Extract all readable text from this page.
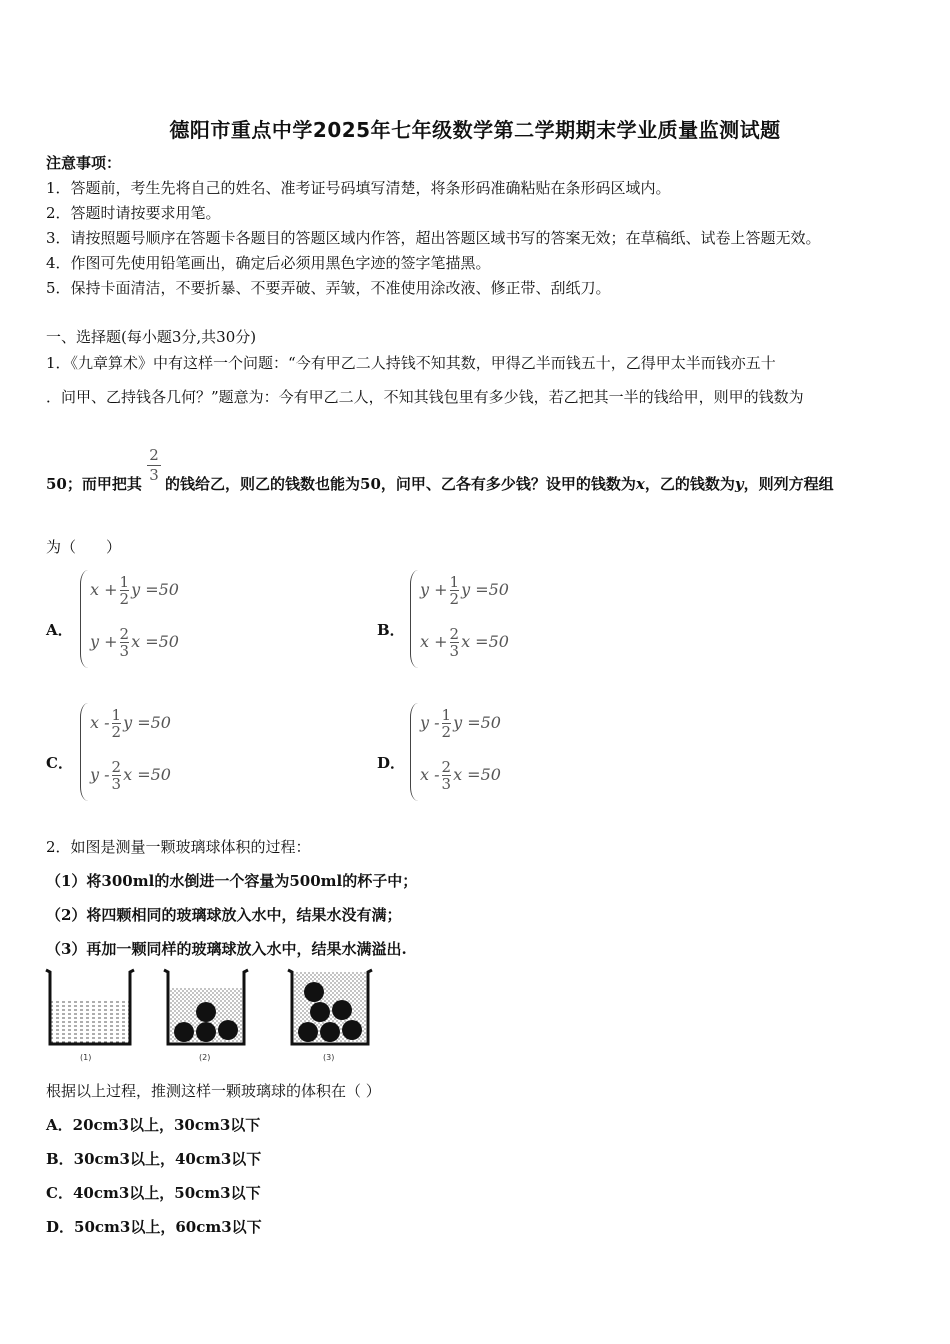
德阳市重点中学2025年七年级数学第二学期期末学业质量监测试题
注意事项：
1．答题前，考生先将自己的姓名、准考证号码填写清楚，将条形码准确粘贴在条形码区域内。
2．答题时请按要求用笔。
3．请按照题号顺序在答题卡各题目的答题区域内作答，超出答题区域书写的答案无效；在草稿纸、试卷上答题无效。
4．作图可先使用铅笔画出，确定后必须用黑色字迹的签字笔描黑。
5．保持卡面清洁，不要折暴、不要弄破、弄皱，不准使用涂改液、修正带、刮纸刀。
一、选择题(每小题3分,共30分)
1．《九章算术》中有这样一个问题：“今有甲乙二人持钱不知其数，甲得乙半而钱五十，乙得甲太半而钱亦五十
．问甲、乙持钱各几何？”题意为：今有甲乙二人，不知其钱包里有多少钱，若乙把其一半的钱给甲，则甲的钱数为
50；而甲把其
2
3 的钱给乙，则乙的钱数也能为50，问甲、乙各有多少钱？设甲的钱数为x，乙的钱数为y，则列方程组
为（　　）
A．
$x + \frac{1}{2}$ y =50
$y + \frac{2}{3}$ x =50
B．
$y + \frac{1}{2}$ y =50
$x + \frac{2}{3}$ x =50
C．
x - $\frac{1}{2}$ y =50
y - $\frac{2}{3}$ x =50
D．
y - $\frac{1}{2}$ y =50
x - $\frac{2}{3}$ x =50
2．如图是测量一颗玻璃球体积的过程：
（1）将300ml的水倒进一个容量为500ml的杯子中；
（2）将四颗相同的玻璃球放入水中，结果水没有满；
（3）再加一颗同样的玻璃球放入水中，结果水满溢出.
(1)	(2)	(3)
根据以上过程，推测这样一颗玻璃球的体积在（ ）
A．20cm3以上，30cm3以下
B．30cm3以上，40cm3以下
C．40cm3以上，50cm3以下
D．50cm3以上，60cm3以下
